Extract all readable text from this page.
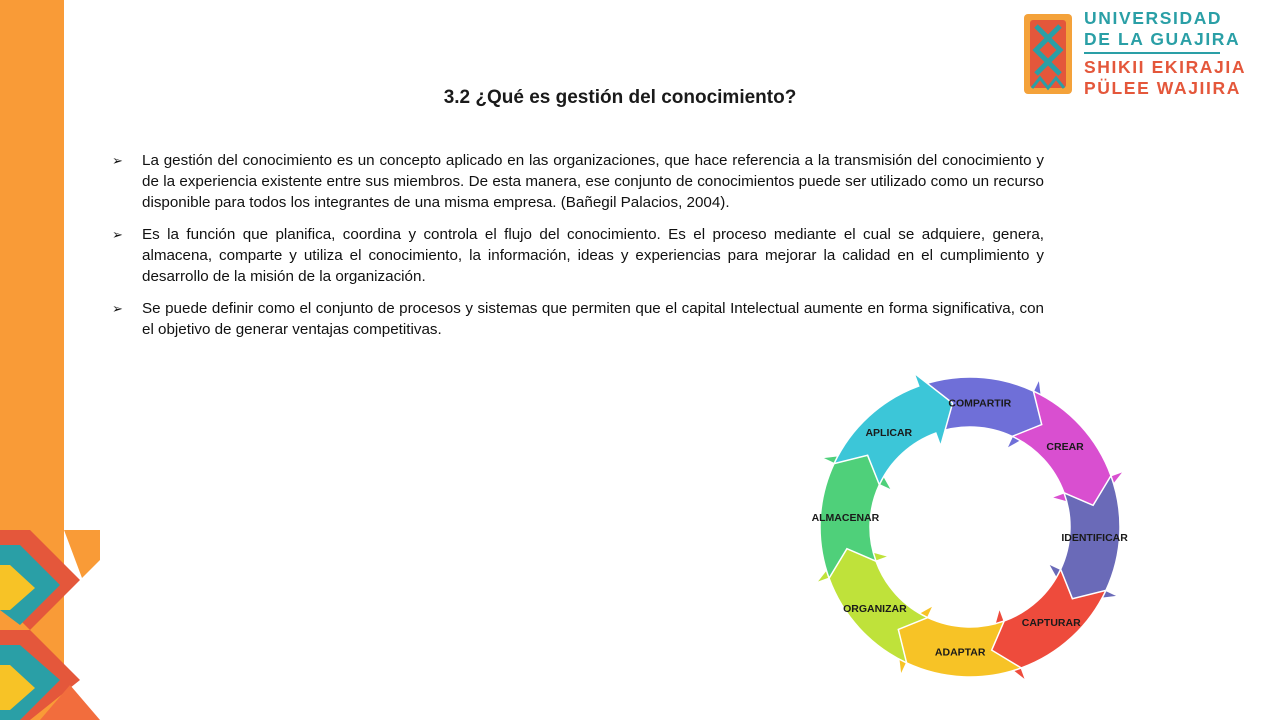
UNIVERSIDAD
DE LA GUAJIRA
SHIKII EKIRAJIA
PÜLEE WAJIIRA
3.2 ¿Qué es gestión del conocimiento?
➢ La gestión del conocimiento es un concepto aplicado en las organizaciones, que hace referencia a la transmisión del conocimiento y de la experiencia existente entre sus miembros. De esta manera, ese conjunto de conocimientos puede ser utilizado como un recurso disponible para todos los integrantes de una misma empresa. (Bañegil Palacios, 2004).
➢ Es la función que planifica, coordina y controla el flujo del conocimiento. Es el proceso mediante el cual se adquiere, genera, almacena, comparte y utiliza el conocimiento, la información, ideas y experiencias para mejorar la calidad en el cumplimiento y desarrollo de la misión de la organización.
➢ Se puede definir como el conjunto de procesos y sistemas que permiten que el capital Intelectual aumente en forma significativa, con el objetivo de generar ventajas competitivas.
COMPARTIR
CREAR
IDENTIFICAR
CAPTURAR
ADAPTAR
ORGANIZAR
ALMACENAR
APLICAR
